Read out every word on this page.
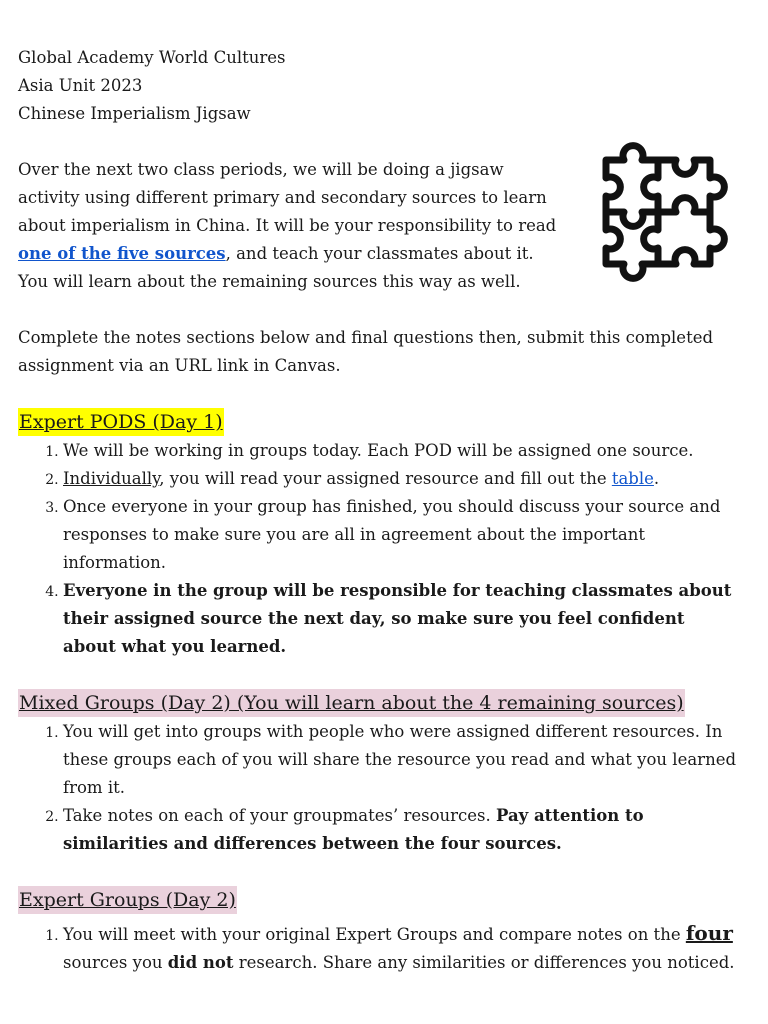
Global Academy World Cultures

Asia Unit 2023

Chinese Imperialism Jigsaw

Over the next two class periods, we will be doing a jigsaw activity using different primary and secondary sources to learn about imperialism in China. It will be your responsibility to read one of the five sources, and teach your classmates about it. You will learn about the remaining sources this way as well.

Complete the notes sections below and final questions then, submit this completed assignment via an URL link in Canvas.

Expert PODS (Day 1)
1. We will be working in groups today. Each POD will be assigned one source.
2. Individually, you will read your assigned resource and fill out the table.
3. Once everyone in your group has finished, you should discuss your source and responses to make sure you are all in agreement about the important information.
4. Everyone in the group will be responsible for teaching classmates about their assigned source the next day, so make sure you feel confident about what you learned.
Mixed Groups (Day 2) (You will learn about the 4 remaining sources)
1. You will get into groups with people who were assigned different resources. In these groups each of you will share the resource you read and what you learned from it.
2. Take notes on each of your groupmates’ resources. Pay attention to similarities and differences between the four sources.
Expert Groups (Day 2)
1. You will meet with your original Expert Groups and compare notes on the four sources you did not research. Share any similarities or differences you noticed.
